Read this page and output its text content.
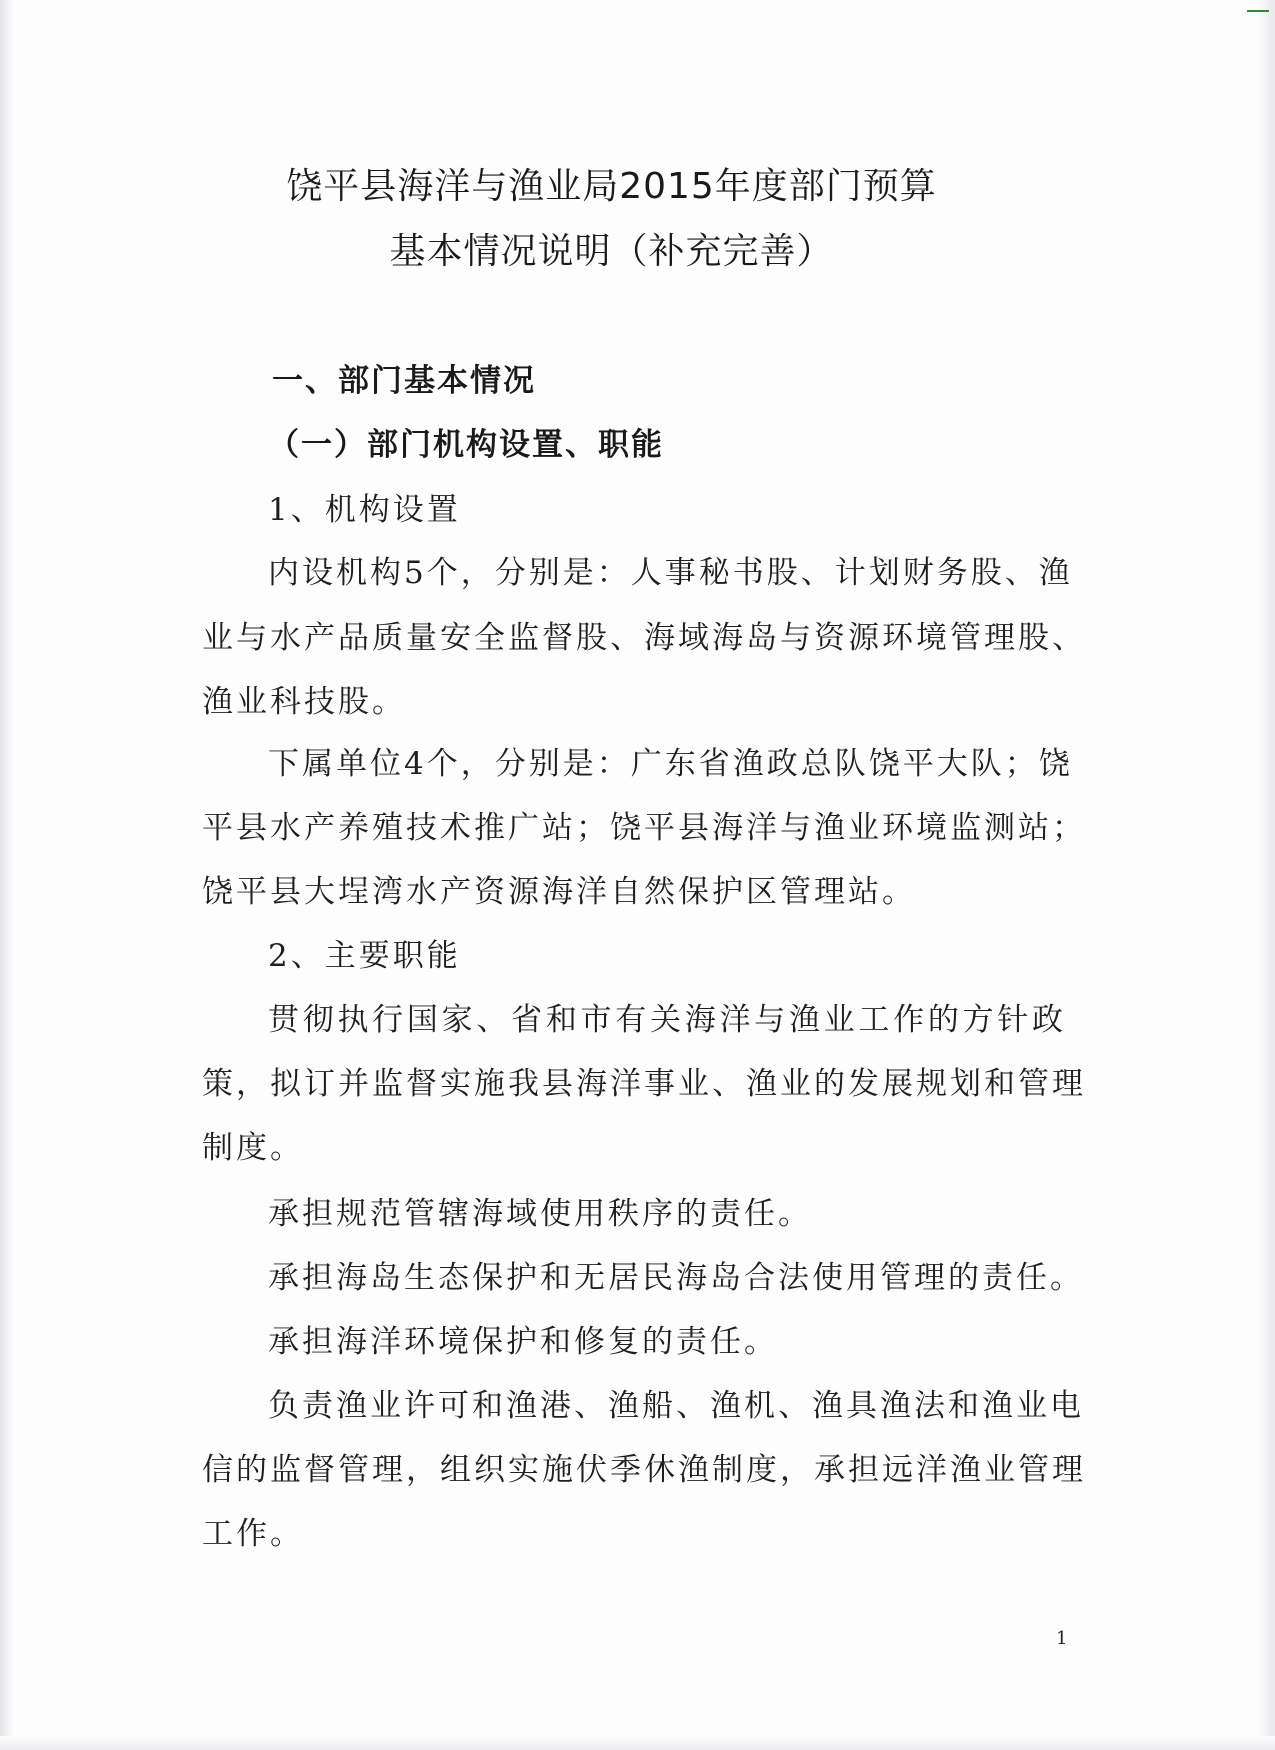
饶平县海洋与渔业局2015年度部门预算
基本情况说明（补充完善）
一、部门基本情况
（一）部门机构设置、职能
1、机构设置
内设机构5个，分别是：人事秘书股、计划财务股、渔
业与水产品质量安全监督股、海域海岛与资源环境管理股、
渔业科技股。
下属单位4个，分别是：广东省渔政总队饶平大队；饶
平县水产养殖技术推广站；饶平县海洋与渔业环境监测站；
饶平县大埕湾水产资源海洋自然保护区管理站。
2、主要职能
贯彻执行国家、省和市有关海洋与渔业工作的方针政
策，拟订并监督实施我县海洋事业、渔业的发展规划和管理
制度。
承担规范管辖海域使用秩序的责任。
承担海岛生态保护和无居民海岛合法使用管理的责任。
承担海洋环境保护和修复的责任。
负责渔业许可和渔港、渔船、渔机、渔具渔法和渔业电
信的监督管理，组织实施伏季休渔制度，承担远洋渔业管理
工作。
1
